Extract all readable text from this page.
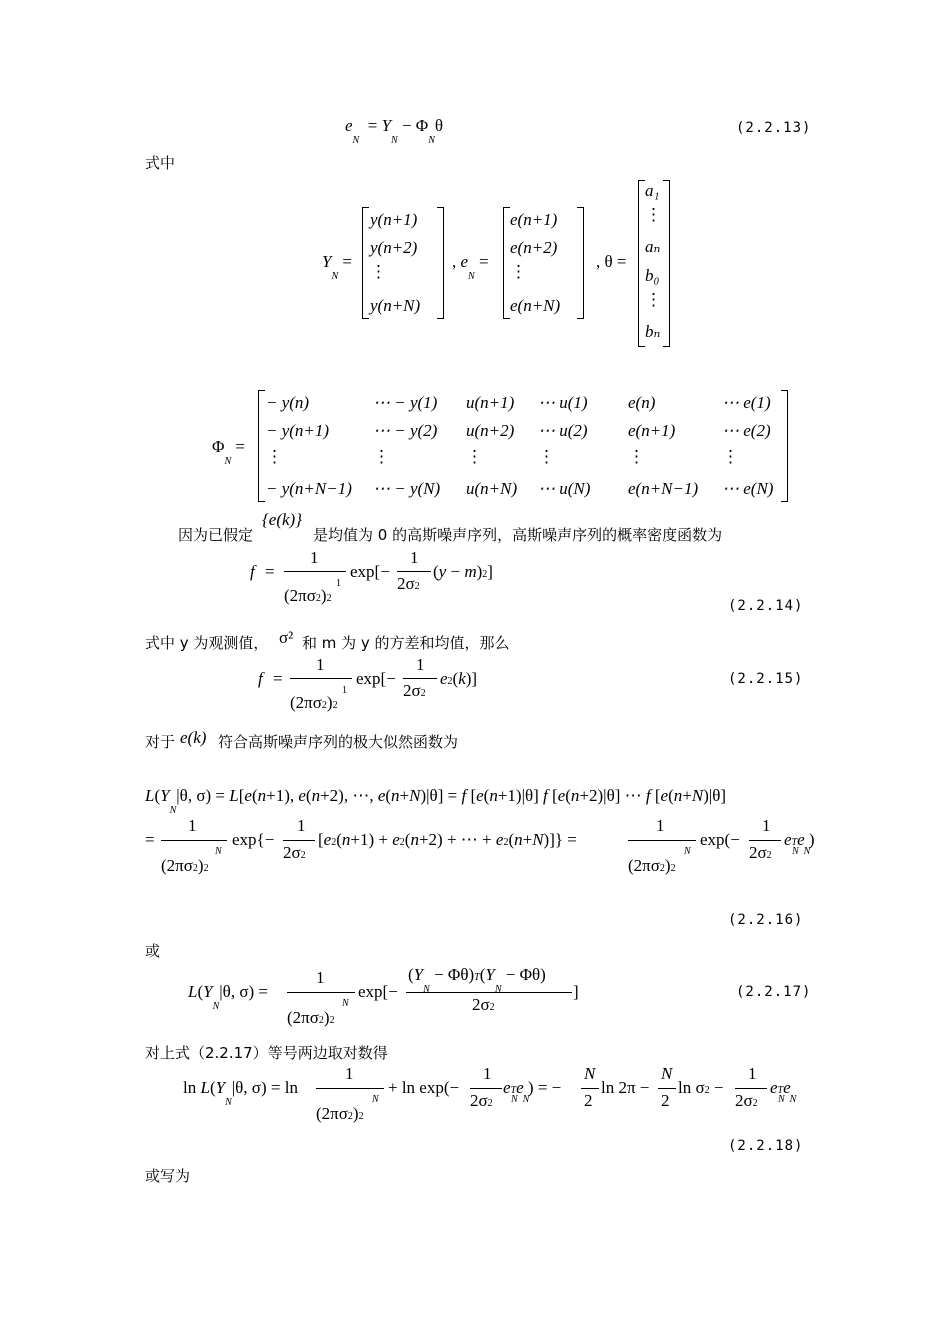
$e_N = Y_N - \Phi_N\theta$	(2.2.13)
式中
$Y_N$ =
y(n+1)
y(n+2)
⋮
y(n+N)
, $e_N$ =
e(n+1)
e(n+2)
⋮
e(n+N)
, θ =
a₁
⋮
aₙ
b₀
⋮
bₙ
$\Phi_N$ =
− y(n)	⋯ − y(1) u(n+1) ⋯ u(1) e(n)	⋯ e(1)
− y(n+1)	⋯ − y(2) u(n+2) ⋯ u(2) e(n+1)	⋯ e(2)
⋮	⋮	⋮	⋮	⋮	⋮
− y(n+N−1) ⋯ − y(N) u(n+N) ⋯ u(N) e(n+N−1) ⋯ e(N)
因为已假定
{e(k)}
是均值为 0 的高斯噪声序列，高斯噪声序列的概率密度函数为
f =
1
(2πσ2)2
1
exp[−
1
2σ2
(y − m)2]
(2.2.14)
式中 y 为观测值， σ² 和 m 为 y 的方差和均值，那么
f =
1
(2πσ2)2
1
exp[−
1
2σ2
e2(k)]	(2.2.15)
对于 e(k) 符合高斯噪声序列的极大似然函数为
$L(Y_N|\theta$, σ) = L[e(n+1), e(n+2), ⋯, e(n+N)|θ] = f [e(n+1)|θ] f [e(n+2)|θ] ⋯ f [e(n+N)|θ]
=
1
(2πσ2)2
N
exp{−
1
2σ2
[e2(n+1) + e2(n+2) + ⋯ + e2(n+N)]} =
1
(2πσ2)2
N
exp(−
1
2σ2
eTe )
N  N
(2.2.16)
或
$L(Y_N|\theta$, σ) =
1
(2πσ2)2
N
exp[−
$(Y_N - \Phi\theta)T(Y_N - \Phi\theta)$
2σ2
]	(2.2.17)
对上式（2.2.17）等号两边取对数得
$\ln L(Y_N|\theta$, σ) = ln
1
(2πσ2)2
N
+ ln exp(−
1
2σ2
eTe ) = −
N  N
N
2
ln 2π −
N
2
ln σ2 −
1
2σ2
eTe
N  N
(2.2.18)
或写为
